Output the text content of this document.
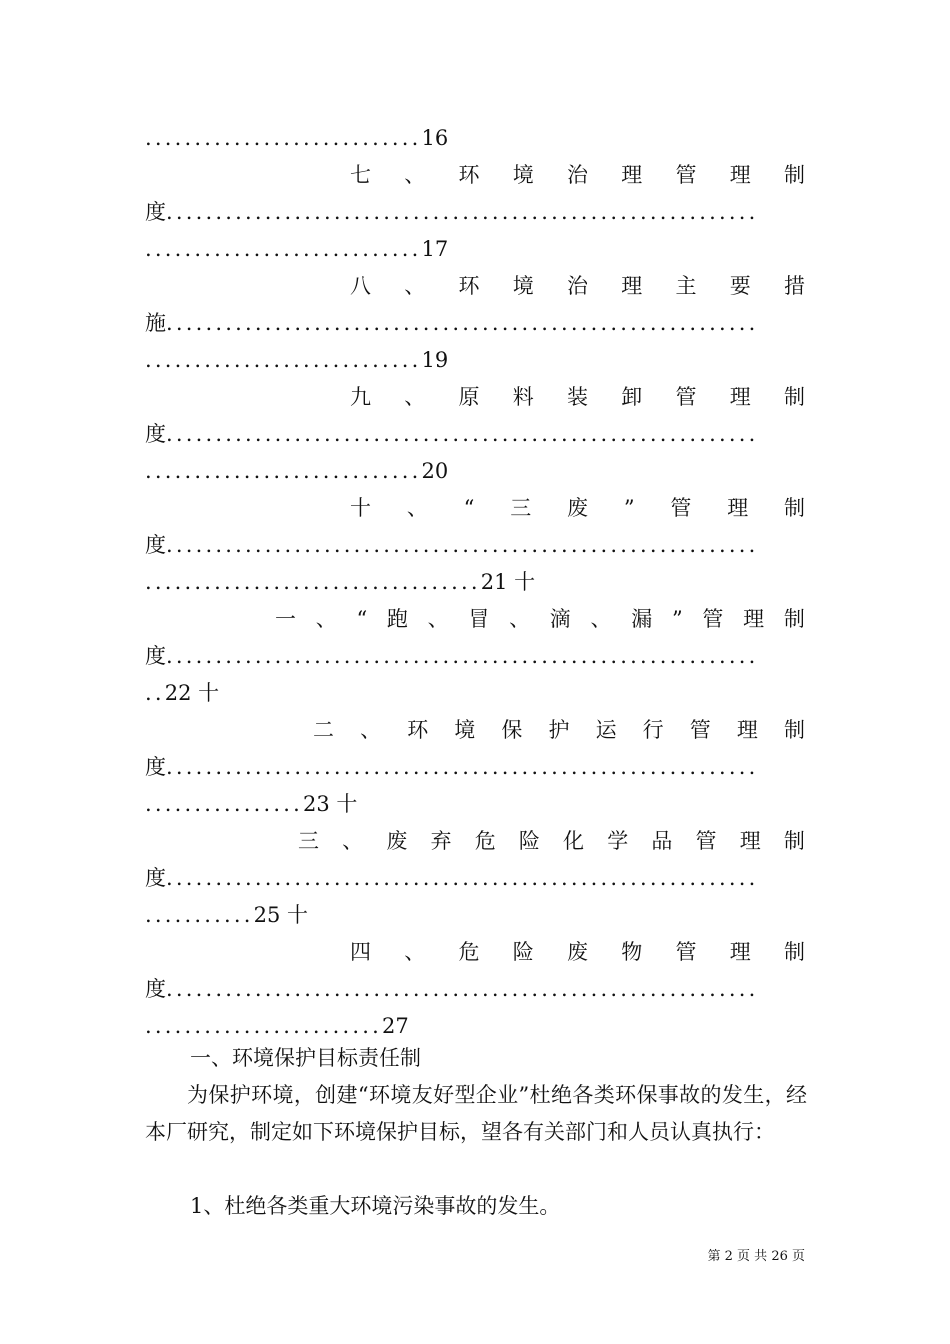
............................16
七 、 环 境 治 理 管 理 制
度............................................................
............................17
八 、 环 境 治 理 主 要 措
施............................................................
............................19
九 、 原 料 装 卸 管 理 制
度............................................................
............................20
十 、 “ 三 废 ” 管 理 制
度............................................................
..................................21 十
一 、 “ 跑 、 冒 、 滴 、 漏 ” 管 理 制
度............................................................
..22 十
二 、 环 境 保 护 运 行 管 理 制
度............................................................
................23 十
三 、 废 弃 危 险 化 学 品 管 理 制
度............................................................
...........25 十
四 、 危 险 废 物 管 理 制
度............................................................
........................27
一、环境保护目标责任制
为保护环境，创建“环境友好型企业”杜绝各类环保事故的发生，经本厂研究，制定如下环境保护目标，望各有关部门和人员认真执行：
1、杜绝各类重大环境污染事故的发生。
第 2 页 共 26 页
